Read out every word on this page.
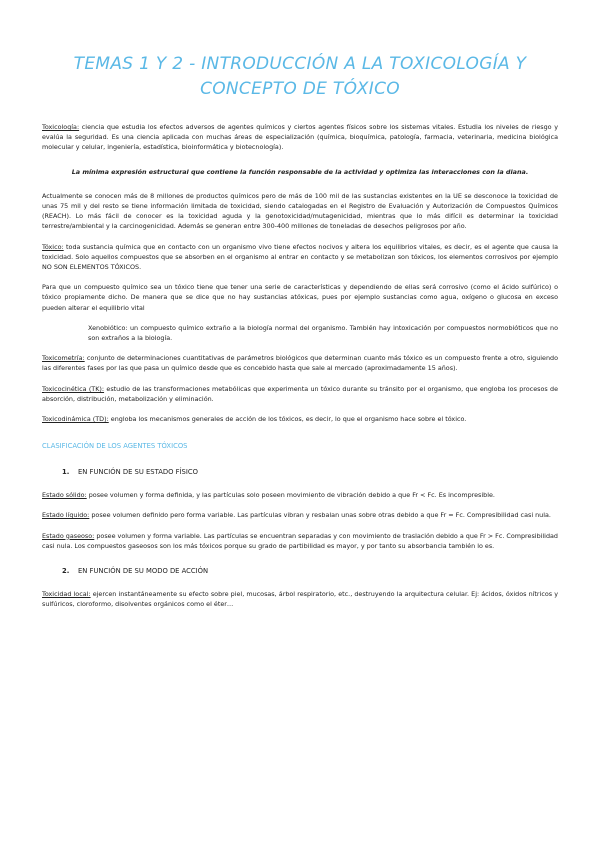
TEMAS 1 Y 2 - INTRODUCCIÓN A LA TOXICOLOGÍA Y CONCEPTO DE TÓXICO

Toxicología: ciencia que estudia los efectos adversos de agentes químicos y ciertos agentes físicos sobre los sistemas vitales. Estudia los niveles de riesgo y evalúa la seguridad. Es una ciencia aplicada con muchas áreas de especialización (química, bioquímica, patología, farmacia, veterinaria, medicina biológica molecular y celular, ingeniería, estadística, bioinformática y biotecnología).

La mínima expresión estructural que contiene la función responsable de la actividad y optimiza las interacciones con la diana.

Actualmente se conocen más de 8 millones de productos químicos pero de más de 100 mil de las sustancias existentes en la UE se desconoce la toxicidad de unas 75 mil y del resto se tiene información limitada de toxicidad, siendo catalogadas en el Registro de Evaluación y Autorización de Compuestos Químicos (REACH). Lo más fácil de conocer es la toxicidad aguda y la genotoxicidad/mutagenicidad, mientras que lo más difícil es determinar la toxicidad terrestre/ambiental y la carcinogenicidad. Además se generan entre 300-400 millones de toneladas de desechos peligrosos por año.

Tóxico: toda sustancia química que en contacto con un organismo vivo tiene efectos nocivos y altera los equilibrios vitales, es decir, es el agente que causa la toxicidad. Solo aquellos compuestos que se absorben en el organismo al entrar en contacto y se metabolizan son tóxicos, los elementos corrosivos por ejemplo NO SON ELEMENTOS TÓXICOS.

Para que un compuesto químico sea un tóxico tiene que tener una serie de características y dependiendo de ellas será corrosivo (como el ácido sulfúrico) o tóxico propiamente dicho. De manera que se dice que no hay sustancias atóxicas, pues por ejemplo sustancias como agua, oxígeno o glucosa en exceso pueden alterar el equilibrio vital

Xenobiótico: un compuesto químico extraño a la biología normal del organismo. También hay intoxicación por compuestos normobióticos que no son extraños a la biología.

Toxicometría: conjunto de determinaciones cuantitativas de parámetros biológicos que determinan cuanto más tóxico es un compuesto frente a otro, siguiendo las diferentes fases por las que pasa un químico desde que es concebido hasta que sale al mercado (aproximadamente 15 años).

Toxicocinética (TK): estudio de las transformaciones metabólicas que experimenta un tóxico durante su tránsito por el organismo, que engloba los procesos de absorción, distribución, metabolización y eliminación.

Toxicodinámica (TD): engloba los mecanismos generales de acción de los tóxicos, es decir, lo que el organismo hace sobre el tóxico.

CLASIFICACIÓN DE LOS AGENTES TÓXICOS
1. EN FUNCIÓN DE SU ESTADO FÍSICO

Estado sólido: posee volumen y forma definida, y las partículas solo poseen movimiento de vibración debido a que Fr < Fc. Es incompresible.

Estado líquido: posee volumen definido pero forma variable. Las partículas vibran y resbalan unas sobre otras debido a que Fr = Fc. Compresibilidad casi nula.

Estado gaseoso: posee volumen y forma variable. Las partículas se encuentran separadas y con movimiento de traslación debido a que Fr > Fc. Compresibilidad casi nula. Los compuestos gaseosos son los más tóxicos porque su grado de partibilidad es mayor, y por tanto su absorbancia también lo es.

2. EN FUNCIÓN DE SU MODO DE ACCIÓN

Toxicidad local: ejercen instantáneamente su efecto sobre piel, mucosas, árbol respiratorio, etc., destruyendo la arquitectura celular. Ej: ácidos, óxidos nítricos y sulfúricos, cloroformo, disolventes orgánicos como el éter…
